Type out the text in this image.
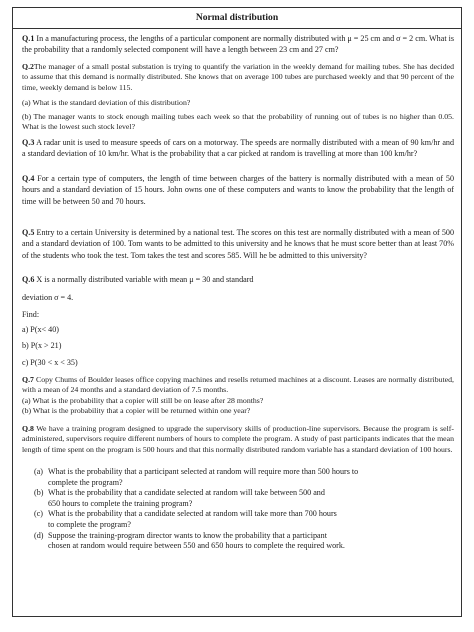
Normal distribution

Q.1 In a manufacturing process, the lengths of a particular component are normally distributed with μ = 25 cm and σ = 2 cm. What is the probability that a randomly selected component will have a length between 23 cm and 27 cm?

Q.2The manager of a small postal substation is trying to quantify the variation in the weekly demand for mailing tubes. She has decided to assume that this demand is normally distributed. She knows that on average 100 tubes are purchased weekly and that 90 percent of the time, weekly demand is below 115.

(a) What is the standard deviation of this distribution?

(b) The manager wants to stock enough mailing tubes each week so that the probability of running out of tubes is no higher than 0.05. What is the lowest such stock level?

Q.3 A radar unit is used to measure speeds of cars on a motorway. The speeds are normally distributed with a mean of 90 km/hr and a standard deviation of 10 km/hr. What is the probability that a car picked at random is travelling at more than 100 km/hr?

Q.4 For a certain type of computers, the length of time between charges of the battery is normally distributed with a mean of 50 hours and a standard deviation of 15 hours. John owns one of these computers and wants to know the probability that the length of time will be between 50 and 70 hours.

Q.5 Entry to a certain University is determined by a national test. The scores on this test are normally distributed with a mean of 500 and a standard deviation of 100. Tom wants to be admitted to this university and he knows that he must score better than at least 70% of the students who took the test. Tom takes the test and scores 585. Will he be admitted to this university?

Q.6 X is a normally distributed variable with mean μ = 30 and standard

deviation σ = 4.

Find:

a) P(x< 40)

b) P(x > 21)

c) P(30 < x < 35)

Q.7 Copy Chums of Boulder leases office copying machines and resells returned machines at a discount. Leases are normally distributed, with a mean of 24 months and a standard deviation of 7.5 months.

(a) What is the probability that a copier will still be on lease after 28 months?

(b) What is the probability that a copier will be returned within one year?

Q.8 We have a training program designed to upgrade the supervisory skills of production-line supervisors. Because the program is self-administered, supervisors require different numbers of hours to complete the program. A study of past participants indicates that the mean length of time spent on the program is 500 hours and that this normally distributed random variable has a standard deviation of 100 hours.

(a) What is the probability that a participant selected at random will require more than 500 hours to
complete the program?
(b) What is the probability that a candidate selected at random will take between 500 and
650 hours to complete the training program?
(c) What is the probability that a candidate selected at random will take more than 700 hours
to complete the program?
(d) Suppose the training-program director wants to know the probability that a participant
chosen at random would require between 550 and 650 hours to complete the required work.
